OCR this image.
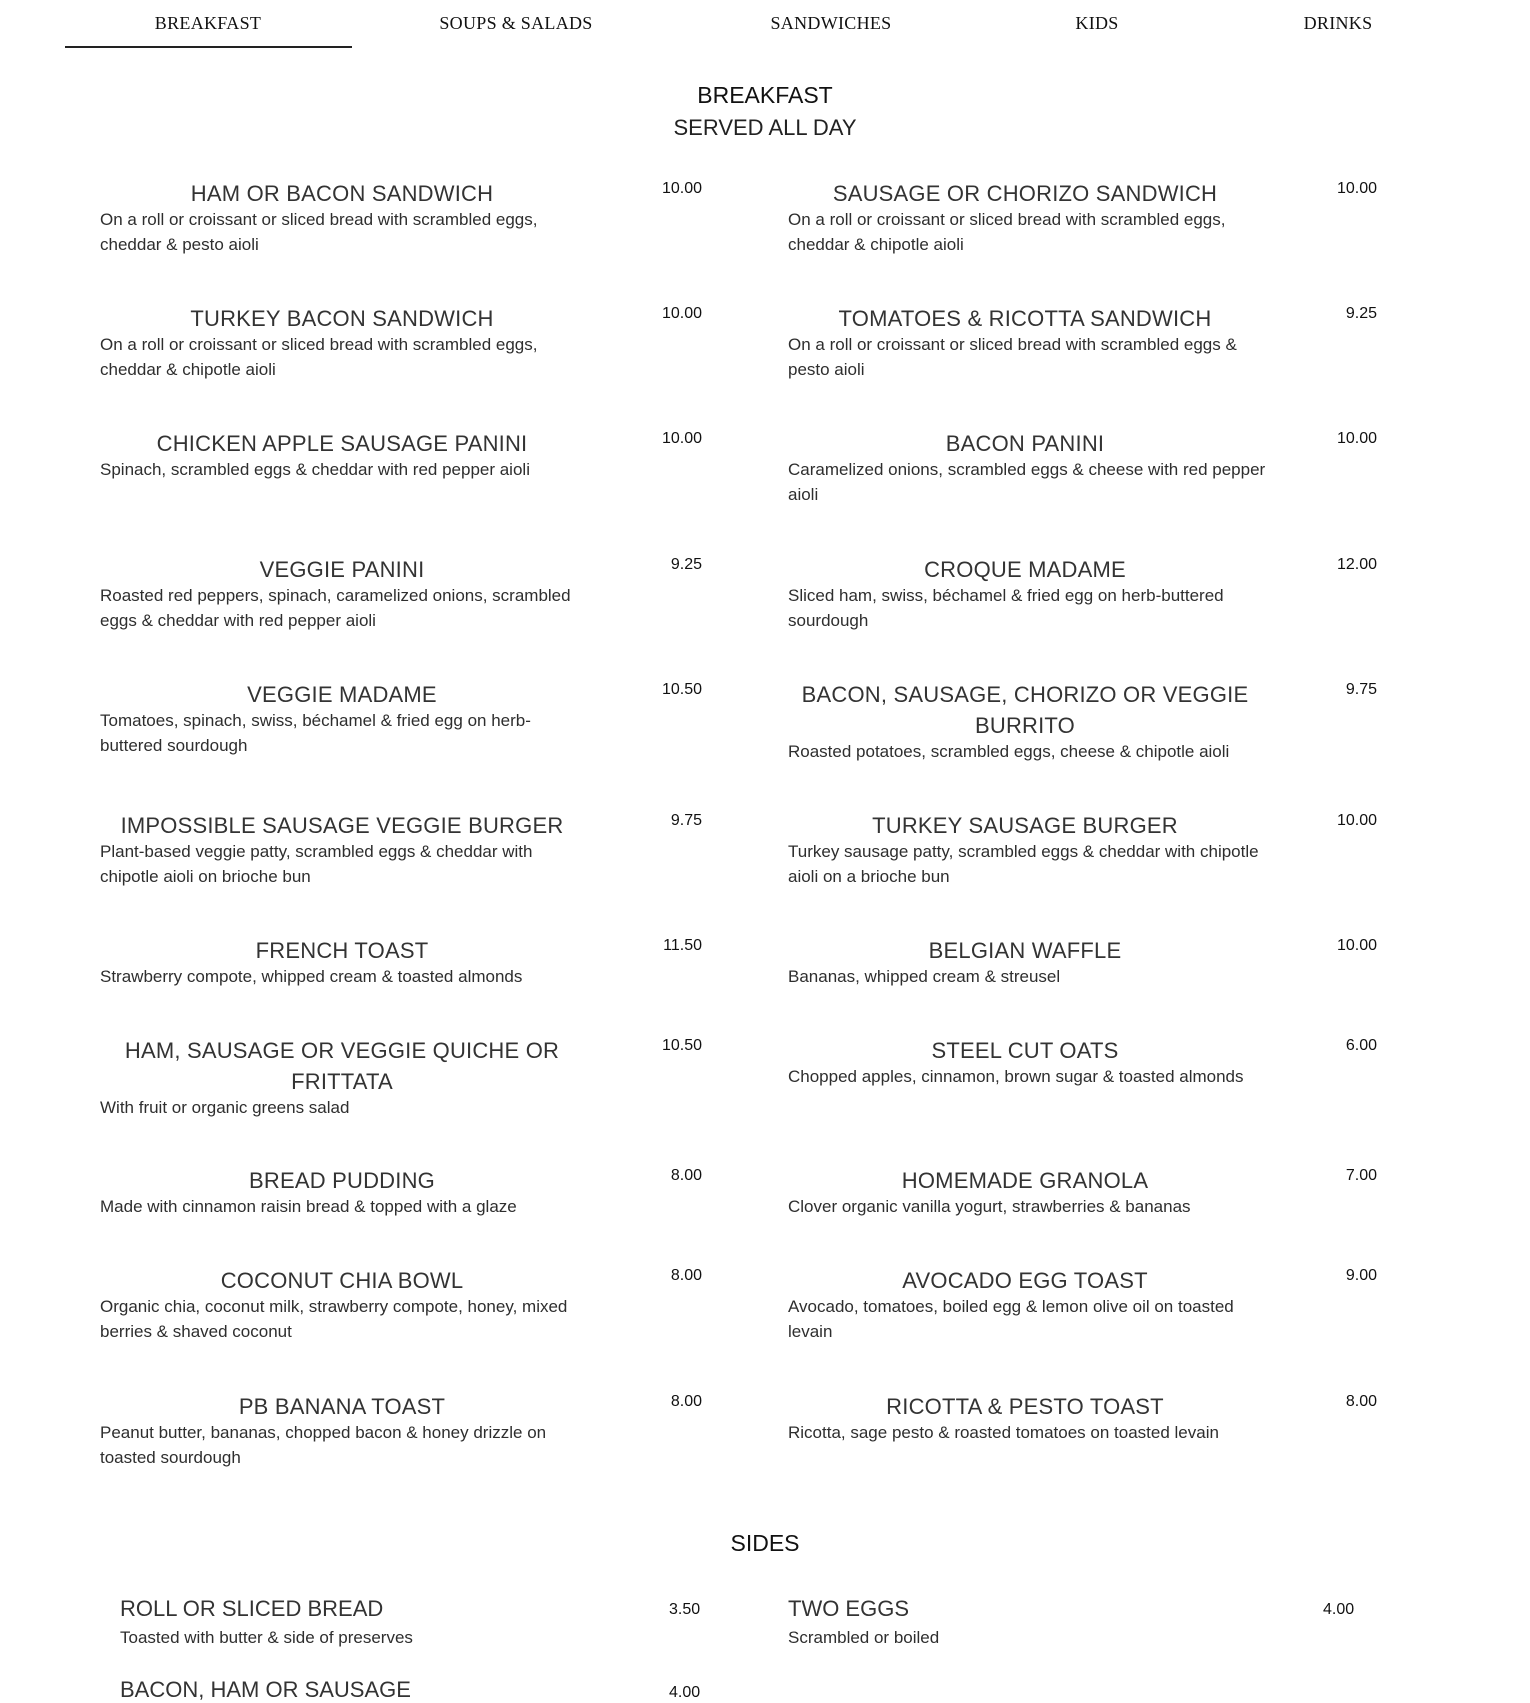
BREAKFAST	SOUPS & SALADS	SANDWICHES	KIDS	DRINKS
BREAKFAST
SERVED ALL DAY
HAM OR BACON SANDWICH	10.00
On a roll or croissant or sliced bread with scrambled eggs, cheddar & pesto aioli
SAUSAGE OR CHORIZO SANDWICH	10.00
On a roll or croissant or sliced bread with scrambled eggs, cheddar & chipotle aioli
TURKEY BACON SANDWICH	10.00
On a roll or croissant or sliced bread with scrambled eggs, cheddar & chipotle aioli
TOMATOES & RICOTTA SANDWICH	9.25
On a roll or croissant or sliced bread with scrambled eggs & pesto aioli
CHICKEN APPLE SAUSAGE PANINI	10.00
Spinach, scrambled eggs & cheddar with red pepper aioli
BACON PANINI	10.00
Caramelized onions, scrambled eggs & cheese with red pepper aioli
VEGGIE PANINI	9.25
Roasted red peppers, spinach, caramelized onions, scrambled eggs & cheddar with red pepper aioli
CROQUE MADAME	12.00
Sliced ham, swiss, béchamel & fried egg on herb-buttered sourdough
VEGGIE MADAME	10.50
Tomatoes, spinach, swiss, béchamel & fried egg on herb-buttered sourdough
BACON, SAUSAGE, CHORIZO OR VEGGIE BURRITO
9.75
Roasted potatoes, scrambled eggs, cheese & chipotle aioli
IMPOSSIBLE SAUSAGE VEGGIE BURGER	9.75
Plant-based veggie patty, scrambled eggs & cheddar with chipotle aioli on brioche bun
TURKEY SAUSAGE BURGER	10.00
Turkey sausage patty, scrambled eggs & cheddar with chipotle aioli on a brioche bun
FRENCH TOAST	11.50
Strawberry compote, whipped cream & toasted almonds
BELGIAN WAFFLE	10.00
Bananas, whipped cream & streusel
HAM, SAUSAGE OR VEGGIE QUICHE OR FRITTATA
10.50
With fruit or organic greens salad
STEEL CUT OATS	6.00
Chopped apples, cinnamon, brown sugar & toasted almonds
BREAD PUDDING	8.00
Made with cinnamon raisin bread & topped with a glaze
HOMEMADE GRANOLA	7.00
Clover organic vanilla yogurt, strawberries & bananas
COCONUT CHIA BOWL	8.00
Organic chia, coconut milk, strawberry compote, honey, mixed berries & shaved coconut
AVOCADO EGG TOAST	9.00
Avocado, tomatoes, boiled egg & lemon olive oil on toasted levain
PB BANANA TOAST	8.00
Peanut butter, bananas, chopped bacon & honey drizzle on toasted sourdough
RICOTTA & PESTO TOAST	8.00
Ricotta, sage pesto & roasted tomatoes on toasted levain
SIDES
ROLL OR SLICED BREAD	3.50
Toasted with butter & side of preserves
TWO EGGS	4.00
Scrambled or boiled
BACON, HAM OR SAUSAGE	4.00
